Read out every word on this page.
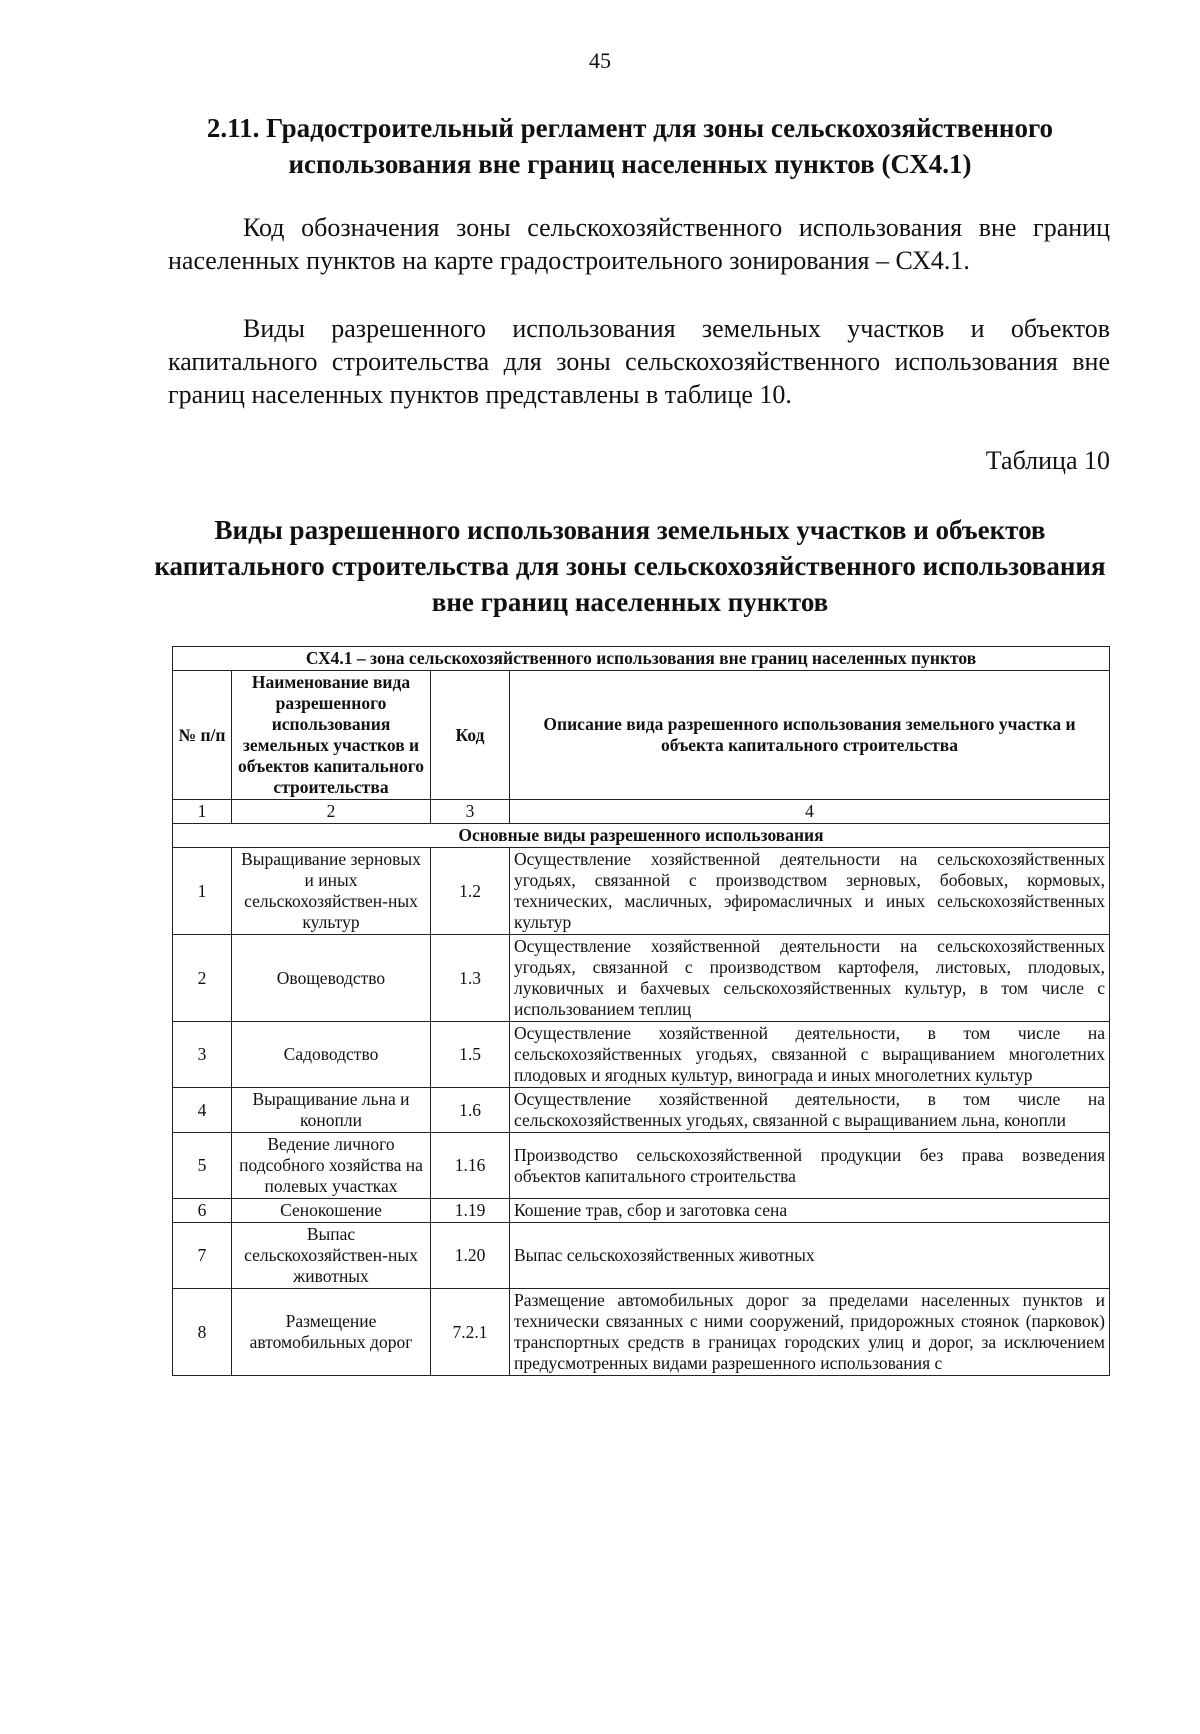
45
2.11. Градостроительный регламент для зоны сельскохозяйственного использования вне границ населенных пунктов (СХ4.1)

Код обозначения зоны сельскохозяйственного использования вне границ населенных пунктов на карте градостроительного зонирования – СХ4.1.

Виды разрешенного использования земельных участков и объектов капитального строительства для зоны сельскохозяйственного использования вне границ населенных пунктов представлены в таблице 10.

Таблица 10
Виды разрешенного использования земельных участков и объектов капитального строительства для зоны сельскохозяйственного использования вне границ населенных пунктов
СХ4.1 – зона сельскохозяйственного использования вне границ населенных пунктов			
№ п/п	Наименование вида разрешенного использования земельных участков и объектов капитального строительства	Код	Описание вида разрешенного использования земельного участка и объекта капитального строительства
1	2	3	4
Основные виды разрешенного использования			
1	Выращивание зерновых и иных сельскохозяйствен-ных культур	1.2	Осуществление хозяйственной деятельности на сельскохозяйственных угодьях, связанной с производством зерновых, бобовых, кормовых, технических, масличных, эфиромасличных и иных сельскохозяйственных культур
2	Овощеводство	1.3	Осуществление хозяйственной деятельности на сельскохозяйственных угодьях, связанной с производством картофеля, листовых, плодовых, луковичных и бахчевых сельскохозяйственных культур, в том числе с использованием теплиц
3	Садоводство	1.5	Осуществление хозяйственной деятельности, в том числе на сельскохозяйственных угодьях, связанной с выращиванием многолетних плодовых и ягодных культур, винограда и иных многолетних культур
4	Выращивание льна и конопли	1.6	Осуществление хозяйственной деятельности, в том числе на сельскохозяйственных угодьях, связанной с выращиванием льна, конопли
5	Ведение личного подсобного хозяйства на полевых участках	1.16	Производство сельскохозяйственной продукции без права возведения объектов капитального строительства
6	Сенокошение	1.19	Кошение трав, сбор и заготовка сена
7	Выпас сельскохозяйствен-ных животных	1.20	Выпас сельскохозяйственных животных
8	Размещение автомобильных дорог	7.2.1	Размещение автомобильных дорог за пределами населенных пунктов и технически связанных с ними сооружений, придорожных стоянок (парковок) транспортных средств в границах городских улиц и дорог, за исключением предусмотренных видами разрешенного использования с
